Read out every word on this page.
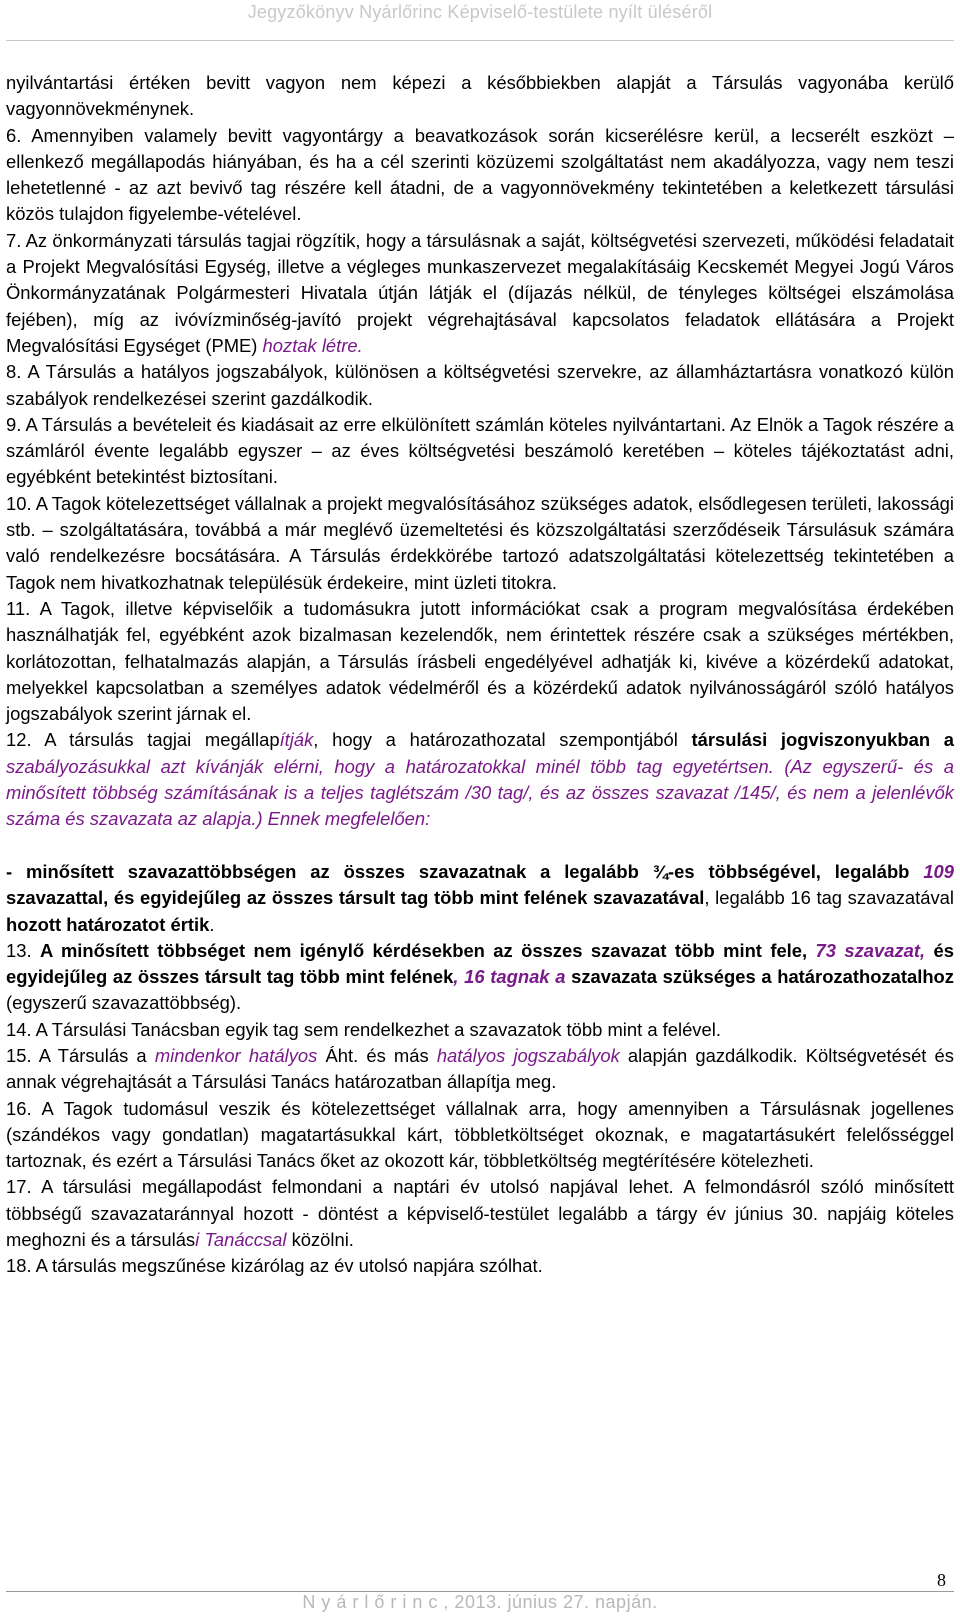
Jegyzőkönyv Nyárlőrinc Képviselő-testülete nyílt üléséről

nyilvántartási értéken bevitt vagyon nem képezi a későbbiekben alapját a Társulás vagyonába kerülő vagyonnövekménynek.

6. Amennyiben valamely bevitt vagyontárgy a beavatkozások során kicserélésre kerül, a lecserélt eszközt – ellenkező megállapodás hiányában, és ha a cél szerinti közüzemi szolgáltatást nem akadályozza, vagy nem teszi lehetetlenné - az azt bevivő tag részére kell átadni, de a vagyonnövekmény tekintetében a keletkezett társulási közös tulajdon figyelembe-vételével.

7. Az önkormányzati társulás tagjai rögzítik, hogy a társulásnak a saját, költségvetési szervezeti, működési feladatait a Projekt Megvalósítási Egység, illetve a végleges munkaszervezet megalakításáig Kecskemét Megyei Jogú Város Önkormányzatának Polgármesteri Hivatala útján látják el (díjazás nélkül, de tényleges költségei elszámolása fejében), míg az ivóvízminőség-javító projekt végrehajtásával kapcsolatos feladatok ellátására a Projekt Megvalósítási Egységet (PME) hoztak létre.

8. A Társulás a hatályos jogszabályok, különösen a költségvetési szervekre, az államháztartásra vonatkozó külön szabályok rendelkezései szerint gazdálkodik.

9. A Társulás a bevételeit és kiadásait az erre elkülönített számlán köteles nyilvántartani. Az Elnök a Tagok részére a számláról évente legalább egyszer – az éves költségvetési beszámoló keretében – köteles tájékoztatást adni, egyébként betekintést biztosítani.

10. A Tagok kötelezettséget vállalnak a projekt megvalósításához szükséges adatok, elsődlegesen területi, lakossági stb. – szolgáltatására, továbbá a már meglévő üzemeltetési és közszolgáltatási szerződéseik Társulásuk számára való rendelkezésre bocsátására. A Társulás érdekkörébe tartozó adatszolgáltatási kötelezettség tekintetében a Tagok nem hivatkozhatnak településük érdekeire, mint üzleti titokra.

11. A Tagok, illetve képviselőik a tudomásukra jutott információkat csak a program megvalósítása érdekében használhatják fel, egyébként azok bizalmasan kezelendők, nem érintettek részére csak a szükséges mértékben, korlátozottan, felhatalmazás alapján, a Társulás írásbeli engedélyével adhatják ki, kivéve a közérdekű adatokat, melyekkel kapcsolatban a személyes adatok védelméről és a közérdekű adatok nyilvánosságáról szóló hatályos jogszabályok szerint járnak el.

12. A társulás tagjai megállapítják, hogy a határozathozatal szempontjából társulási jogviszonyukban a szabályozásukkal azt kívánják elérni, hogy a határozatokkal minél több tag egyetértsen. (Az egyszerű- és a minősített többség számításának is a teljes taglétszám /30 tag/, és az összes szavazat /145/, és nem a jelenlévők száma és szavazata az alapja.) Ennek megfelelően:

- minősített szavazattöbbségen az összes szavazatnak a legalább ¾-es többségével, legalább 109 szavazattal, és egyidejűleg az összes társult tag több mint felének szavazatával, legalább 16 tag szavazatával hozott határozatot értik.

13. A minősített többséget nem igénylő kérdésekben az összes szavazat több mint fele, 73 szavazat, és egyidejűleg az összes társult tag több mint felének, 16 tagnak a szavazata szükséges a határozathozatalhoz (egyszerű szavazattöbbség).

14. A Társulási Tanácsban egyik tag sem rendelkezhet a szavazatok több mint a felével.

15. A Társulás a mindenkor hatályos Áht. és más hatályos jogszabályok alapján gazdálkodik. Költségvetését és annak végrehajtását a Társulási Tanács határozatban állapítja meg.

16. A Tagok tudomásul veszik és kötelezettséget vállalnak arra, hogy amennyiben a Társulásnak jogellenes (szándékos vagy gondatlan) magatartásukkal kárt, többletköltséget okoznak, e magatartásukért felelősséggel tartoznak, és ezért a Társulási Tanács őket az okozott kár, többletköltség megtérítésére kötelezheti.

17. A társulási megállapodást felmondani a naptári év utolsó napjával lehet. A felmondásról szóló minősített többségű szavazataránnyal hozott - döntést a képviselő-testület legalább a tárgy év június 30. napjáig köteles meghozni és a társulási Tanáccsal közölni.

18. A társulás megszűnése kizárólag az év utolsó napjára szólhat.

8
N y á r l ő r i n c , 2013. június 27. napján.
